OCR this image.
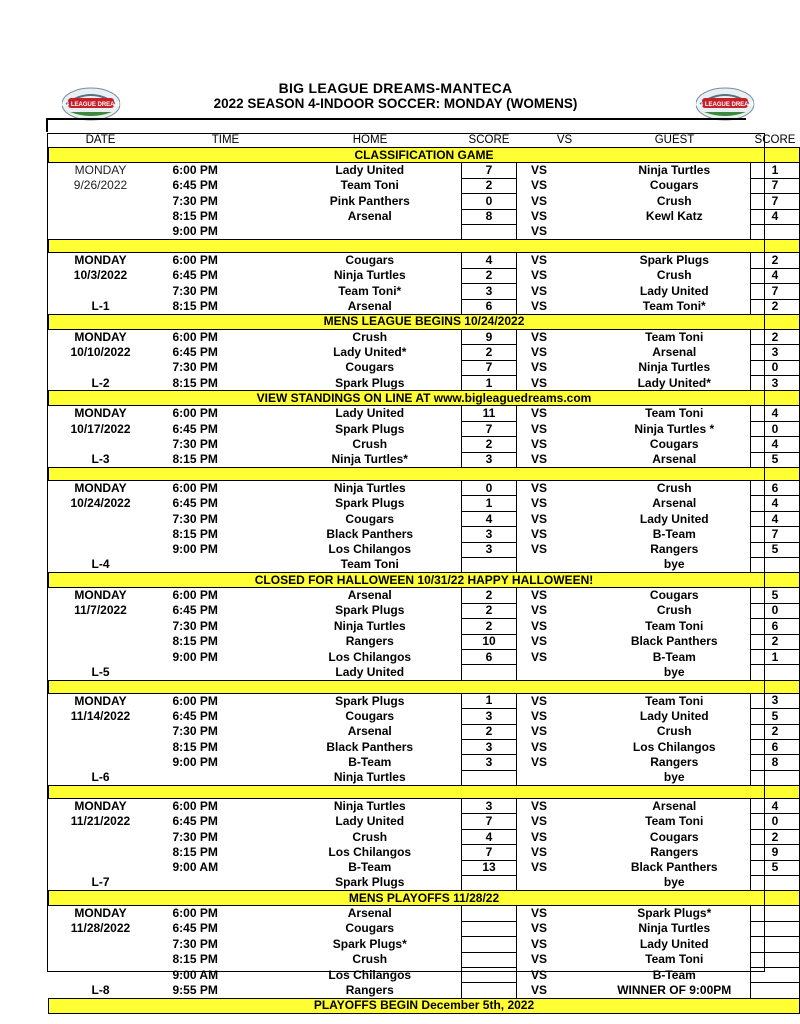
BIG LEAGUE DREAMS-MANTECA
2022 SEASON 4-INDOOR SOCCER: MONDAY (WOMENS)
BIG LEAGUE DREAMS	BIG LEAGUE DREAMS
DATE	TIME	HOME	SCORE	VS	GUEST	SCORE
CLASSIFICATION GAME						
MONDAY	6:00 PM	Lady United	7	VS	Ninja Turtles	1
9/26/2022	6:45 PM	Team Toni	2	VS	Cougars	7
	7:30 PM	Pink Panthers	0	VS	Crush	7
	8:15 PM	Arsenal	8	VS	Kewl Katz	4
	9:00 PM			VS		

MONDAY	6:00 PM	Cougars	4	VS	Spark Plugs	2
10/3/2022	6:45 PM	Ninja Turtles	2	VS	Crush	4
	7:30 PM	Team Toni*	3	VS	Lady United	7
L-1	8:15 PM	Arsenal	6	VS	Team Toni*	2
MENS LEAGUE BEGINS 10/24/2022						
MONDAY	6:00 PM	Crush	9	VS	Team Toni	2
10/10/2022	6:45 PM	Lady United*	2	VS	Arsenal	3
	7:30 PM	Cougars	7	VS	Ninja Turtles	0
L-2	8:15 PM	Spark Plugs	1	VS	Lady United*	3
VIEW STANDINGS ON LINE AT www.bigleaguedreams.com						
MONDAY	6:00 PM	Lady United	11	VS	Team Toni	4
10/17/2022	6:45 PM	Spark Plugs	7	VS	Ninja Turtles *	0
	7:30 PM	Crush	2	VS	Cougars	4
L-3	8:15 PM	Ninja Turtles*	3	VS	Arsenal	5

MONDAY	6:00 PM	Ninja Turtles	0	VS	Crush	6
10/24/2022	6:45 PM	Spark Plugs	1	VS	Arsenal	4
	7:30 PM	Cougars	4	VS	Lady United	4
	8:15 PM	Black Panthers	3	VS	B-Team	7
	9:00 PM	Los Chilangos	3	VS	Rangers	5
L-4		Team Toni			bye	
CLOSED FOR HALLOWEEN 10/31/22 HAPPY HALLOWEEN!						
MONDAY	6:00 PM	Arsenal	2	VS	Cougars	5
11/7/2022	6:45 PM	Spark Plugs	2	VS	Crush	0
	7:30 PM	Ninja Turtles	2	VS	Team Toni	6
	8:15 PM	Rangers	10	VS	Black Panthers	2
	9:00 PM	Los Chilangos	6	VS	B-Team	1
L-5		Lady United			bye	

MONDAY	6:00 PM	Spark Plugs	1	VS	Team Toni	3
11/14/2022	6:45 PM	Cougars	3	VS	Lady United	5
	7:30 PM	Arsenal	2	VS	Crush	2
	8:15 PM	Black Panthers	3	VS	Los Chilangos	6
	9:00 PM	B-Team	3	VS	Rangers	8
L-6		Ninja Turtles			bye	

MONDAY	6:00 PM	Ninja Turtles	3	VS	Arsenal	4
11/21/2022	6:45 PM	Lady United	7	VS	Team Toni	0
	7:30 PM	Crush	4	VS	Cougars	2
	8:15 PM	Los Chilangos	7	VS	Rangers	9
	9:00 AM	B-Team	13	VS	Black Panthers	5
L-7		Spark Plugs			bye	
MENS PLAYOFFS 11/28/22						
MONDAY	6:00 PM	Arsenal		VS	Spark Plugs*	
11/28/2022	6:45 PM	Cougars		VS	Ninja Turtles	
	7:30 PM	Spark Plugs*		VS	Lady United	
	8:15 PM	Crush		VS	Team Toni	
	9:00 AM	Los Chilangos		VS	B-Team	
L-8	9:55 PM	Rangers		VS	WINNER OF 9:00PM	
PLAYOFFS BEGIN December 5th, 2022						
